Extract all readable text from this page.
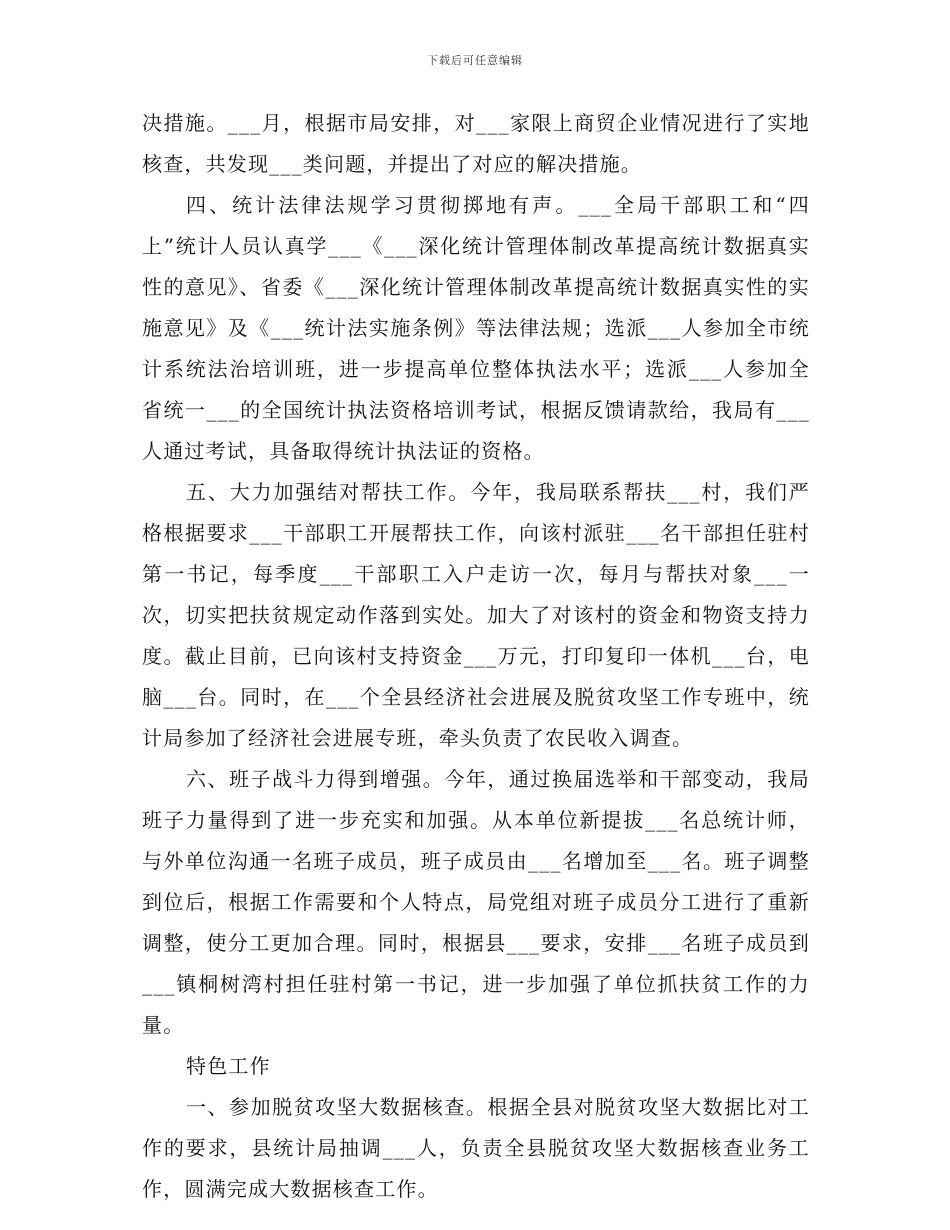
下载后可任意编辑

决措施。___月，根据市局安排，对___家限上商贸企业情况进行了实地核查，共发现___类问题，并提出了对应的解决措施。

四、统计法律法规学习贯彻掷地有声。___全局干部职工和“四上”统计人员认真学___《___深化统计管理体制改革提高统计数据真实性的意见》、省委《___深化统计管理体制改革提高统计数据真实性的实施意见》及《___统计法实施条例》等法律法规；选派___人参加全市统计系统法治培训班，进一步提高单位整体执法水平；选派___人参加全省统一___的全国统计执法资格培训考试，根据反馈请款给，我局有___人通过考试，具备取得统计执法证的资格。

五、大力加强结对帮扶工作。今年，我局联系帮扶___村，我们严格根据要求___干部职工开展帮扶工作，向该村派驻___名干部担任驻村第一书记，每季度___干部职工入户走访一次，每月与帮扶对象___一次，切实把扶贫规定动作落到实处。加大了对该村的资金和物资支持力度。截止目前，已向该村支持资金___万元，打印复印一体机___台，电脑___台。同时，在___个全县经济社会进展及脱贫攻坚工作专班中，统计局参加了经济社会进展专班，牵头负责了农民收入调查。

六、班子战斗力得到增强。今年，通过换届选举和干部变动，我局班子力量得到了进一步充实和加强。从本单位新提拔___名总统计师，与外单位沟通一名班子成员，班子成员由___名增加至___名。班子调整到位后，根据工作需要和个人特点，局党组对班子成员分工进行了重新调整，使分工更加合理。同时，根据县___要求，安排___名班子成员到___镇桐树湾村担任驻村第一书记，进一步加强了单位抓扶贫工作的力量。

特色工作

一、参加脱贫攻坚大数据核查。根据全县对脱贫攻坚大数据比对工作的要求，县统计局抽调___人，负责全县脱贫攻坚大数据核查业务工作，圆满完成大数据核查工作。
